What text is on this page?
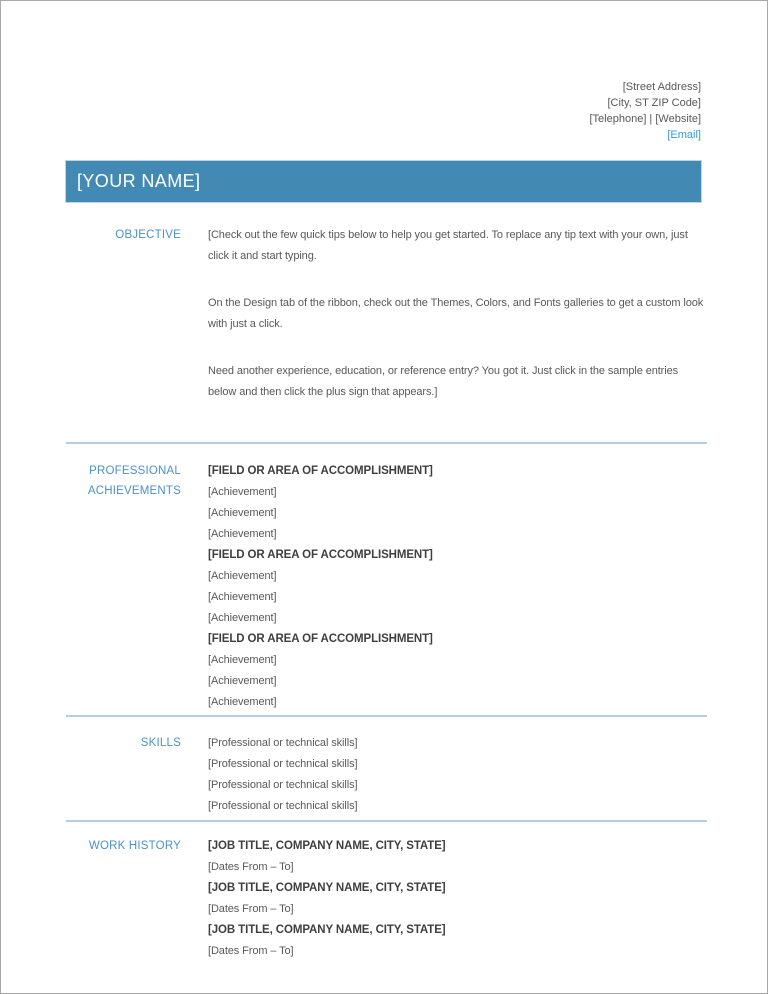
[Street Address]
[City, ST ZIP Code]
[Telephone] | [Website]
[Email]
[YOUR NAME]
OBJECTIVE [Check out the few quick tips below to help you get started. To replace any tip text with your own, just click it and start typing.

On the Design tab of the ribbon, check out the Themes, Colors, and Fonts galleries to get a custom look with just a click.

Need another experience, education, or reference entry? You got it. Just click in the sample entries below and then click the plus sign that appears.]

PROFESSIONAL ACHIEVEMENTS
[FIELD OR AREA OF ACCOMPLISHMENT]
[Achievement]
[Achievement]
[Achievement]
[FIELD OR AREA OF ACCOMPLISHMENT]
[Achievement]
[Achievement]
[Achievement]
[FIELD OR AREA OF ACCOMPLISHMENT]
[Achievement]
[Achievement]
[Achievement]
SKILLS [Professional or technical skills]
[Professional or technical skills]
[Professional or technical skills]
[Professional or technical skills]
WORK HISTORY [JOB TITLE, COMPANY NAME, CITY, STATE]
[Dates From – To]
[JOB TITLE, COMPANY NAME, CITY, STATE]
[Dates From – To]
[JOB TITLE, COMPANY NAME, CITY, STATE]
[Dates From – To]
